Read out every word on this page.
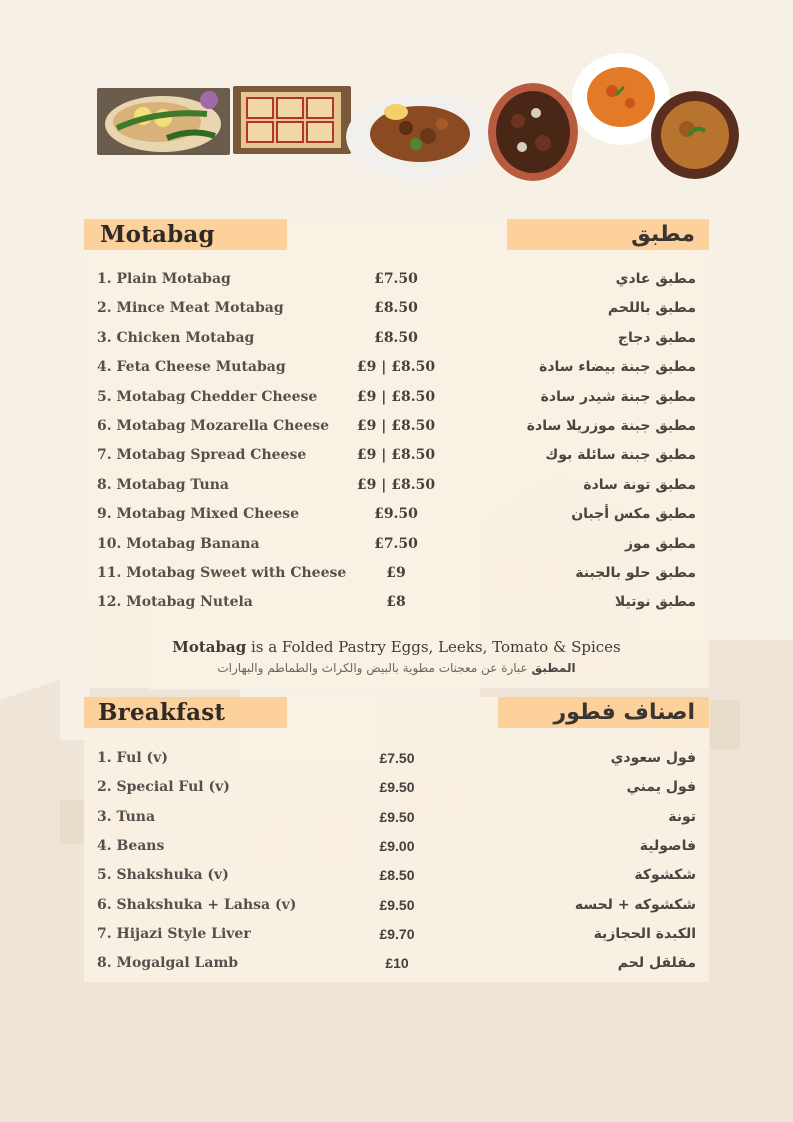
Motabag	مطبق
1. Plain Motabag	£7.50	مطبق عادي
2. Mince Meat Motabag	£8.50	مطبق باللحم
3. Chicken Motabag	£8.50	مطبق دجاج
4. Feta Cheese Mutabag	£9 | £8.50	مطبق جبنة بيضاء سادة
5. Motabag Chedder Cheese	£9 | £8.50	مطبق جبنة شيدر سادة
6. Motabag Mozarella Cheese	£9 | £8.50	مطبق جبنة موزريلا سادة
7. Motabag Spread Cheese	£9 | £8.50	مطبق جبنة سائلة بوك
8. Motabag Tuna	£9 | £8.50	مطبق تونة سادة
9. Motabag Mixed Cheese	£9.50	مطبق مكس أجبان
10. Motabag Banana	£7.50	مطبق موز
11. Motabag Sweet with Cheese	£9	مطبق حلو بالجبنة
12. Motabag Nutela	£8	مطبق نوتيلا
Motabag is a Folded Pastry Eggs, Leeks, Tomato & Spices
المطبق عبارة عن معجنات مطوية بالبيض والكراث والطماطم والبهارات
Breakfast	اصناف فطور
1. Ful (v)	£7.50	فول سعودي
2. Special Ful (v)	£9.50	فول يمني
3. Tuna	£9.50	تونة
4. Beans	£9.00	فاصولية
5. Shakshuka (v)	£8.50	شكشوكة
6. Shakshuka + Lahsa (v)	£9.50	شكشوكه + لحسه
7. Hijazi Style Liver	£9.70	الكبدة الحجازية
8. Mogalgal Lamb	£10	مقلقل لحم
